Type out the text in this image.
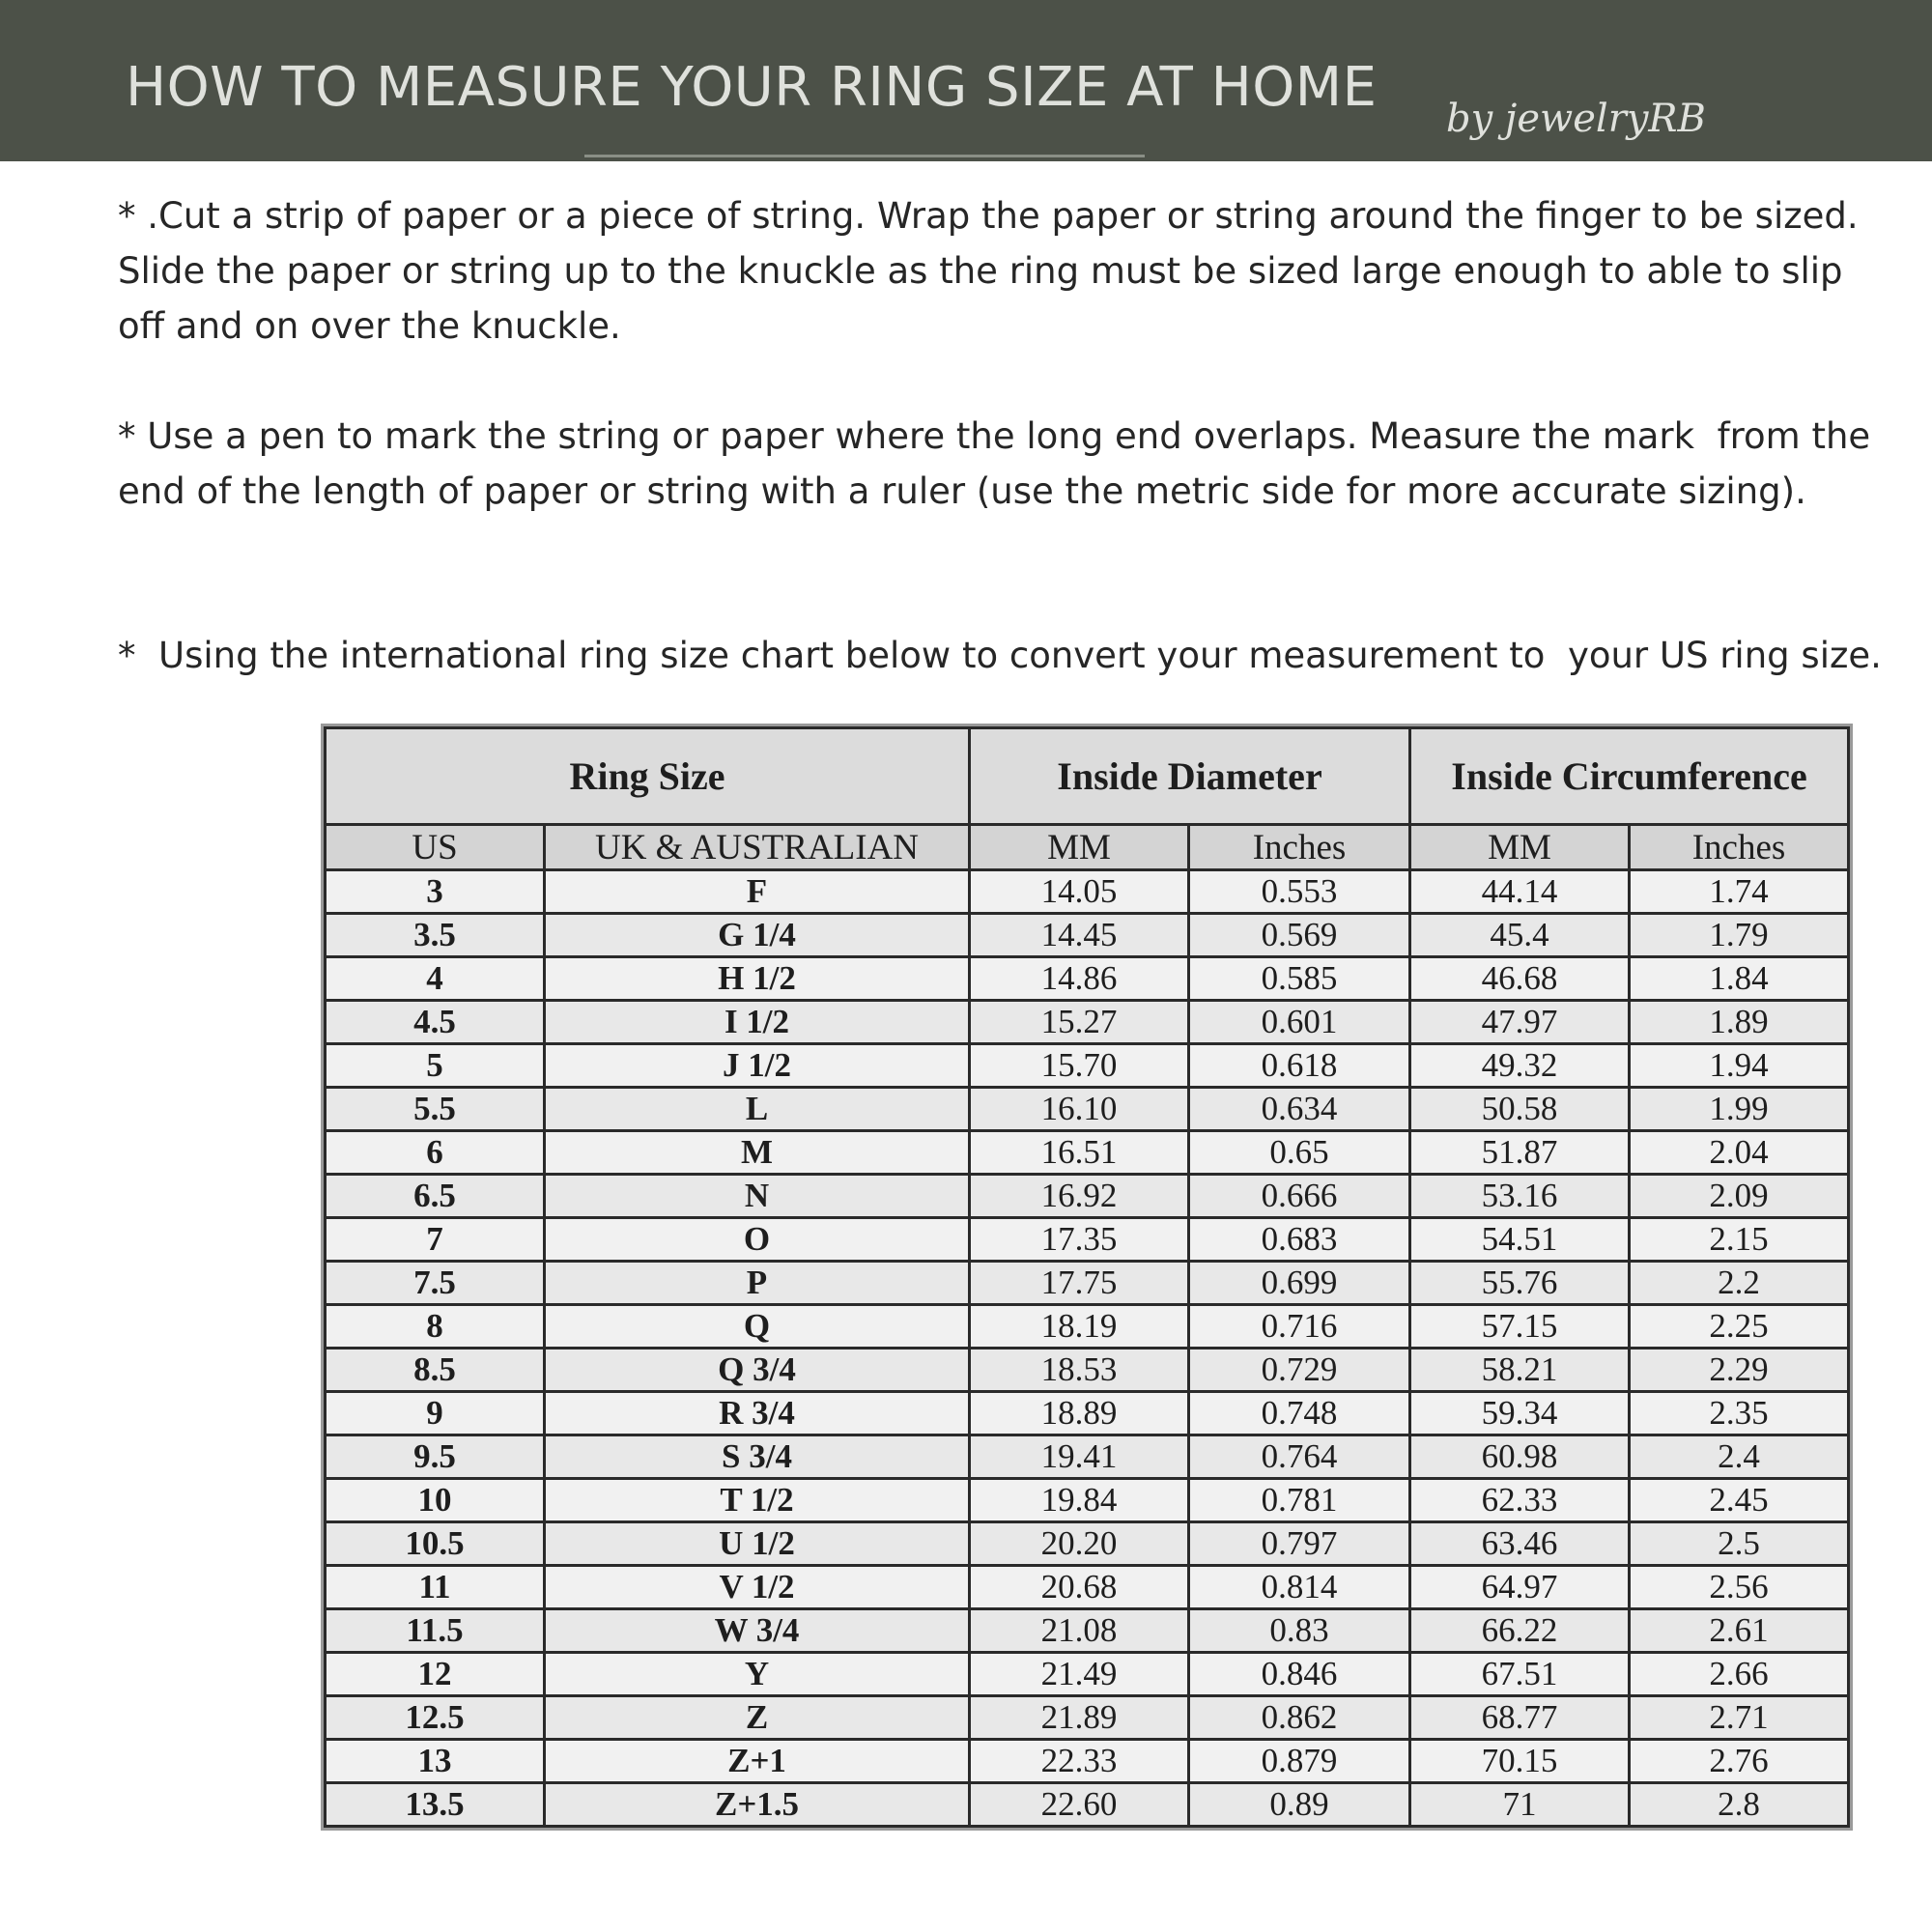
HOW TO MEASURE YOUR RING SIZE AT HOME by jewelryRB
* .Cut a strip of paper or a piece of string. Wrap the paper or string around the finger to be sized. Slide the paper or string up to the knuckle as the ring must be sized large enough to able to slip off and on over the knuckle.
* Use a pen to mark the string or paper where the long end overlaps. Measure the mark  from the end of the length of paper or string with a ruler (use the metric side for more accurate sizing).
*  Using the international ring size chart below to convert your measurement to  your US ring size.
Ring Size		Inside Diameter		Inside Circumference	
US	UK & AUSTRALIAN	MM	Inches	MM	Inches
3	F	14.05	0.553	44.14	1.74
3.5	G 1/4	14.45	0.569	45.4	1.79
4	H 1/2	14.86	0.585	46.68	1.84
4.5	I 1/2	15.27	0.601	47.97	1.89
5	J 1/2	15.70	0.618	49.32	1.94
5.5	L	16.10	0.634	50.58	1.99
6	M	16.51	0.65	51.87	2.04
6.5	N	16.92	0.666	53.16	2.09
7	O	17.35	0.683	54.51	2.15
7.5	P	17.75	0.699	55.76	2.2
8	Q	18.19	0.716	57.15	2.25
8.5	Q 3/4	18.53	0.729	58.21	2.29
9	R 3/4	18.89	0.748	59.34	2.35
9.5	S 3/4	19.41	0.764	60.98	2.4
10	T 1/2	19.84	0.781	62.33	2.45
10.5	U 1/2	20.20	0.797	63.46	2.5
11	V 1/2	20.68	0.814	64.97	2.56
11.5	W 3/4	21.08	0.83	66.22	2.61
12	Y	21.49	0.846	67.51	2.66
12.5	Z	21.89	0.862	68.77	2.71
13	Z+1	22.33	0.879	70.15	2.76
13.5	Z+1.5	22.60	0.89	71	2.8
